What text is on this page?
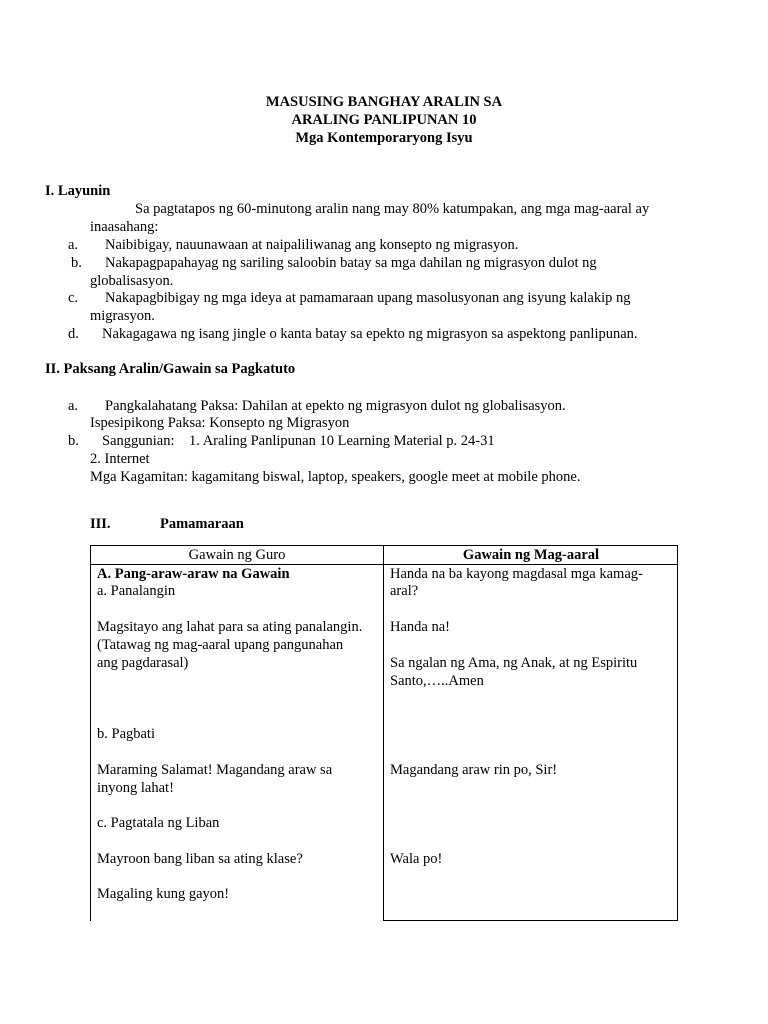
MASUSING BANGHAY ARALIN SA
ARALING PANLIPUNAN 10
Mga Kontemporaryong Isyu
I. Layunin
Sa pagtatapos ng 60-minutong aralin nang may 80% katumpakan, ang mga mag-aaral ay
inaasahang:
a. Naibibigay, nauunawaan at naipaliliwanag ang konsepto ng migrasyon.
b. Nakapagpapahayag ng sariling saloobin batay sa mga dahilan ng migrasyon dulot ng
globalisasyon.
c. Nakapagbibigay ng mga ideya at pamamaraan upang masolusyonan ang isyung kalakip ng
migrasyon.
d. Nakagagawa ng isang jingle o kanta batay sa epekto ng migrasyon sa aspektong panlipunan.
II. Paksang Aralin/Gawain sa Pagkatuto
a. Pangkalahatang Paksa: Dahilan at epekto ng migrasyon dulot ng globalisasyon.
Ispesipikong Paksa: Konsepto ng Migrasyon
b. Sanggunian:    1. Araling Panlipunan 10 Learning Material p. 24-31
2. Internet
Mga Kagamitan: kagamitang biswal, laptop, speakers, google meet at mobile phone.
III.	Pamamaraan
Gawain ng Guro	Gawain ng Mag-aaral
A. Pang-araw-araw na Gawain
a. Panalangin
Magsitayo ang lahat para sa ating panalangin.
(Tatawag ng mag-aaral upang pangunahan
ang pagdarasal)
b. Pagbati
Maraming Salamat! Magandang araw sa
inyong lahat!
c. Pagtatala ng Liban
Mayroon bang liban sa ating klase?
Magaling kung gayon!
Handa na ba kayong magdasal mga kamag-
aral?
Handa na!
Sa ngalan ng Ama, ng Anak, at ng Espiritu
Santo,…..Amen
Magandang araw rin po, Sir!
Wala po!
